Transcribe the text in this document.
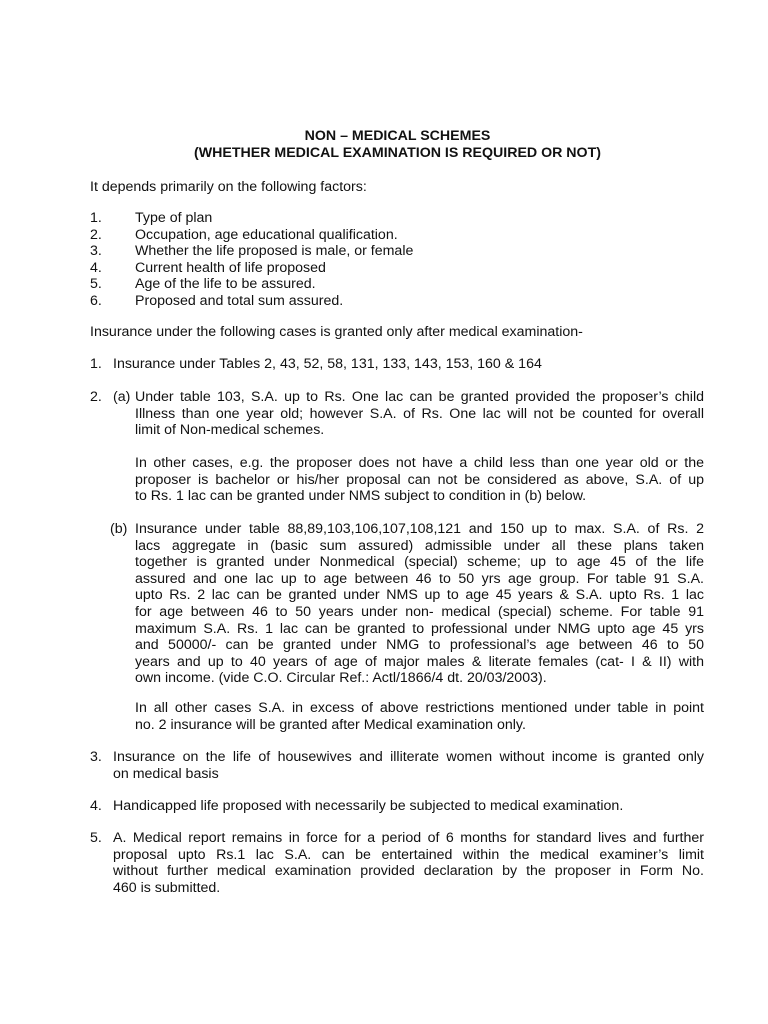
NON – MEDICAL SCHEMES
(WHETHER MEDICAL EXAMINATION IS REQUIRED OR NOT)
It depends primarily on the following factors:
1. Type of plan
2. Occupation, age educational qualification.
3. Whether the life proposed is male, or female
4. Current health of life proposed
5. Age of the life to be assured.
6. Proposed and total sum assured.
Insurance under the following cases is granted only after medical examination-
1. Insurance under Tables 2, 43, 52, 58, 131, 133, 143, 153, 160 & 164
2. (a) Under table 103, S.A. up to Rs. One lac can be granted provided the proposer’s child
Illness than one year old; however S.A. of Rs. One lac will not be counted for overall
limit of Non-medical schemes.
In other cases, e.g. the proposer does not have a child less than one year old or the
proposer is bachelor or his/her proposal can not be considered as above, S.A. of up
to Rs. 1 lac can be granted under NMS subject to condition in (b) below.
(b) Insurance under table 88,89,103,106,107,108,121 and 150 up to max. S.A. of Rs. 2
lacs aggregate in (basic sum assured) admissible under all these plans taken
together is granted under Nonmedical (special) scheme; up to age 45 of the life
assured and one lac up to age between 46 to 50 yrs age group. For table 91 S.A.
upto Rs. 2 lac can be granted under NMS up to age 45 years & S.A. upto Rs. 1 lac
for age between 46 to 50 years under non- medical (special) scheme. For table 91
maximum S.A. Rs. 1 lac can be granted to professional under NMG upto age 45 yrs
and 50000/- can be granted under NMG to professional’s age between 46 to 50
years and up to 40 years of age of major males & literate females (cat- I & II) with
own income. (vide C.O. Circular Ref.: Actl/1866/4 dt. 20/03/2003).
In all other cases S.A. in excess of above restrictions mentioned under table in point
no. 2 insurance will be granted after Medical examination only.
3. Insurance on the life of housewives and illiterate women without income is granted only
on medical basis
4. Handicapped life proposed with necessarily be subjected to medical examination.
5. A. Medical report remains in force for a period of 6 months for standard lives and further
proposal upto Rs.1 lac S.A. can be entertained within the medical examiner’s limit
without further medical examination provided declaration by the proposer in Form No.
460 is submitted.
